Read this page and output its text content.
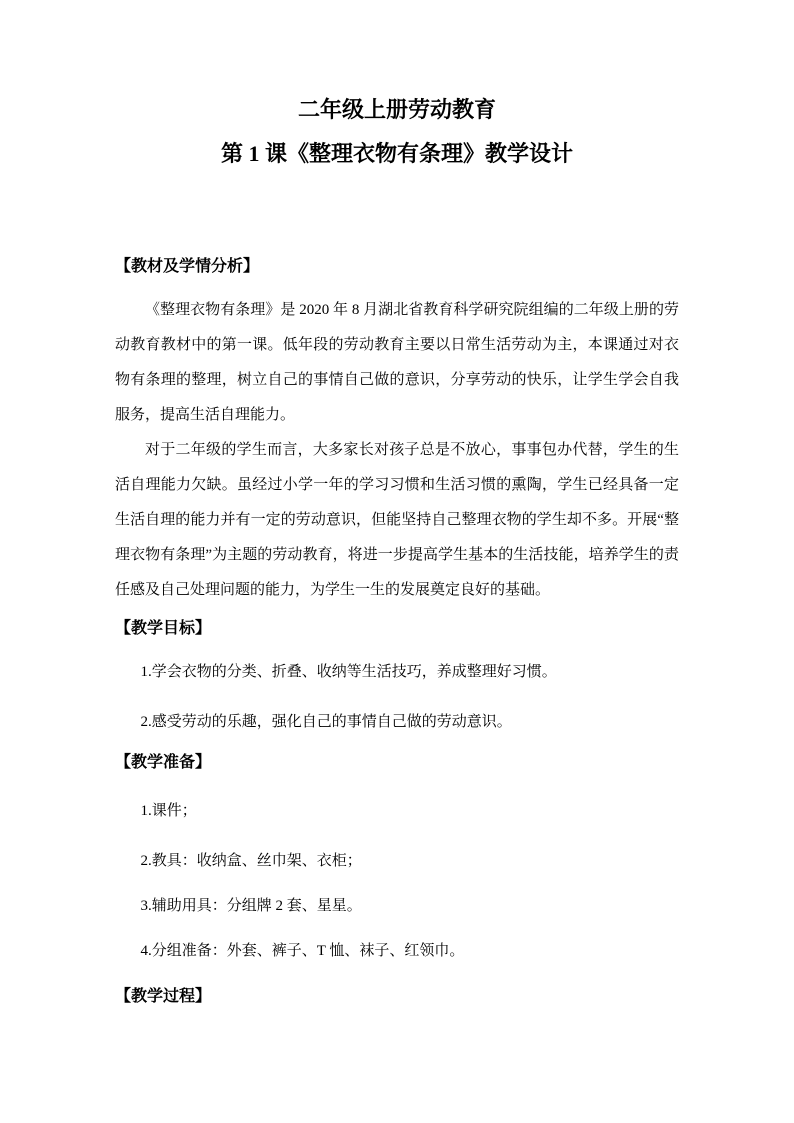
二年级上册劳动教育
第 1 课《整理衣物有条理》教学设计
【教材及学情分析】

《整理衣物有条理》是 2020 年 8 月湖北省教育科学研究院组编的二年级上册的劳动教育教材中的第一课。低年段的劳动教育主要以日常生活劳动为主，本课通过对衣物有条理的整理，树立自己的事情自己做的意识，分享劳动的快乐，让学生学会自我服务，提高生活自理能力。

对于二年级的学生而言，大多家长对孩子总是不放心，事事包办代替，学生的生活自理能力欠缺。虽经过小学一年的学习习惯和生活习惯的熏陶，学生已经具备一定生活自理的能力并有一定的劳动意识，但能坚持自己整理衣物的学生却不多。开展“整理衣物有条理”为主题的劳动教育，将进一步提高学生基本的生活技能，培养学生的责任感及自己处理问题的能力，为学生一生的发展奠定良好的基础。

【教学目标】

1.学会衣物的分类、折叠、收纳等生活技巧，养成整理好习惯。

2.感受劳动的乐趣，强化自己的事情自己做的劳动意识。

【教学准备】

1.课件；

2.教具：收纳盒、丝巾架、衣柜；

3.辅助用具：分组牌 2 套、星星。

4.分组准备：外套、裤子、T 恤、袜子、红领巾。

【教学过程】
